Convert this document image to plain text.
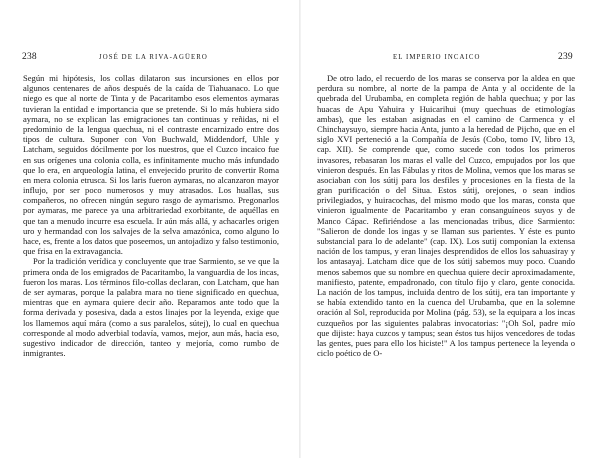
238	JOSÉ DE LA RIVA-AGÜERO

Según mi hipótesis, los collas dilataron sus incursiones en ellos por algunos centenares de años después de la caída de Tiahuanaco. Lo que niego es que al norte de Tinta y de Pacaritambo esos elementos aymaras tuvieran la entidad e importancia que se pretende. Si lo más hubiera sido aymara, no se explican las emigraciones tan continuas y reñidas, ni el predominio de la lengua quechua, ni el contraste encarnizado entre dos tipos de cultura. Suponer con Von Buchwald, Middendorf, Uhle y Latcham, seguidos dócilmente por los nuestros, que el Cuzco incaico fue en sus orígenes una colonia colla, es infinitamente mucho más infundado que lo era, en arqueología latina, el envejecido prurito de convertir Roma en mera colonia etrusca. Si los laris fueron aymaras, no alcanzaron mayor influjo, por ser poco numerosos y muy atrasados. Los huallas, sus compañeros, no ofrecen ningún seguro rasgo de aymarismo. Pregonarlos por aymaras, me parece ya una arbitrariedad exorbitante, de aquéllas en que tan a menudo incurre esa escuela. Ir aún más allá, y achacarles origen uro y hermandad con los salvajes de la selva amazónica, como alguno lo hace, es, frente a los datos que poseemos, un antojadizo y falso testimonio, que frisa en la extravagancia.

Por la tradición verídica y concluyente que trae Sarmiento, se ve que la primera onda de los emigrados de Pacaritambo, la vanguardia de los incas, fueron los maras. Los términos filo-collas declaran, con Latcham, que han de ser aymaras, porque la palabra mara no tiene significado en quechua, mientras que en aymara quiere decir año. Reparamos ante todo que la forma derivada y posesiva, dada a estos linajes por la leyenda, exige que los llamemos aquí mára (como a sus paralelos, sútej), lo cual en quechua corresponde al modo adverbial todavía, vamos, mejor, aun más, hacia eso, sugestivo indicador de dirección, tanteo y mejoría, como rumbo de inmigrantes.

EL IMPERIO INCAICO	239

De otro lado, el recuerdo de los maras se conserva por la aldea en que perdura su nombre, al norte de la pampa de Anta y al occidente de la quebrada del Urubamba, en completa región de habla quechua; y por las huacas de Apu Yahuira y Huicarihui (muy quechuas de etimologías ambas), que les estaban asignadas en el camino de Carmenca y el Chinchaysuyo, siempre hacia Anta, junto a la heredad de Pijcho, que en el siglo XVI perteneció a la Compañía de Jesús (Cobo, tomo IV, libro 13, cap. XII). Se comprende que, como sucede con todos los primeros invasores, rebasaran los maras el valle del Cuzco, empujados por los que vinieron después. En las Fábulas y ritos de Molina, vemos que los maras se asociaban con los sútij para los desfiles y procesiones en la fiesta de la gran purificación o del Situa. Estos sútij, orejones, o sean indios privilegiados, y huiracochas, del mismo modo que los maras, consta que vinieron igualmente de Pacaritambo y eran consanguíneos suyos y de Manco Cápac. Refiriéndose a las mencionadas tribus, dice Sarmiento: "Salieron de donde los ingas y se llaman sus parientes. Y éste es punto substancial para lo de adelante" (cap. IX). Los sutij componían la extensa nación de los tampus, y eran linajes desprendidos de ellos los sahuasiray y los antasayaj. Latcham dice que de los sútij sabemos muy poco. Cuando menos sabemos que su nombre en quechua quiere decir aproximadamente, manifiesto, patente, empadronado, con título fijo y claro, gente conocida. La nación de los tampus, incluida dentro de los sútij, era tan importante y se había extendido tanto en la cuenca del Urubamba, que en la solemne oración al Sol, reproducida por Molina (pág. 53), se la equipara a los incas cuzqueños por las siguientes palabras invocatorias: "¡Oh Sol, padre mío que dijiste: haya cuzcos y tampus; sean éstos tus hijos vencedores de todas las gentes, pues para ello los hiciste!" A los tampus pertenece la leyenda o ciclo poético de O-
